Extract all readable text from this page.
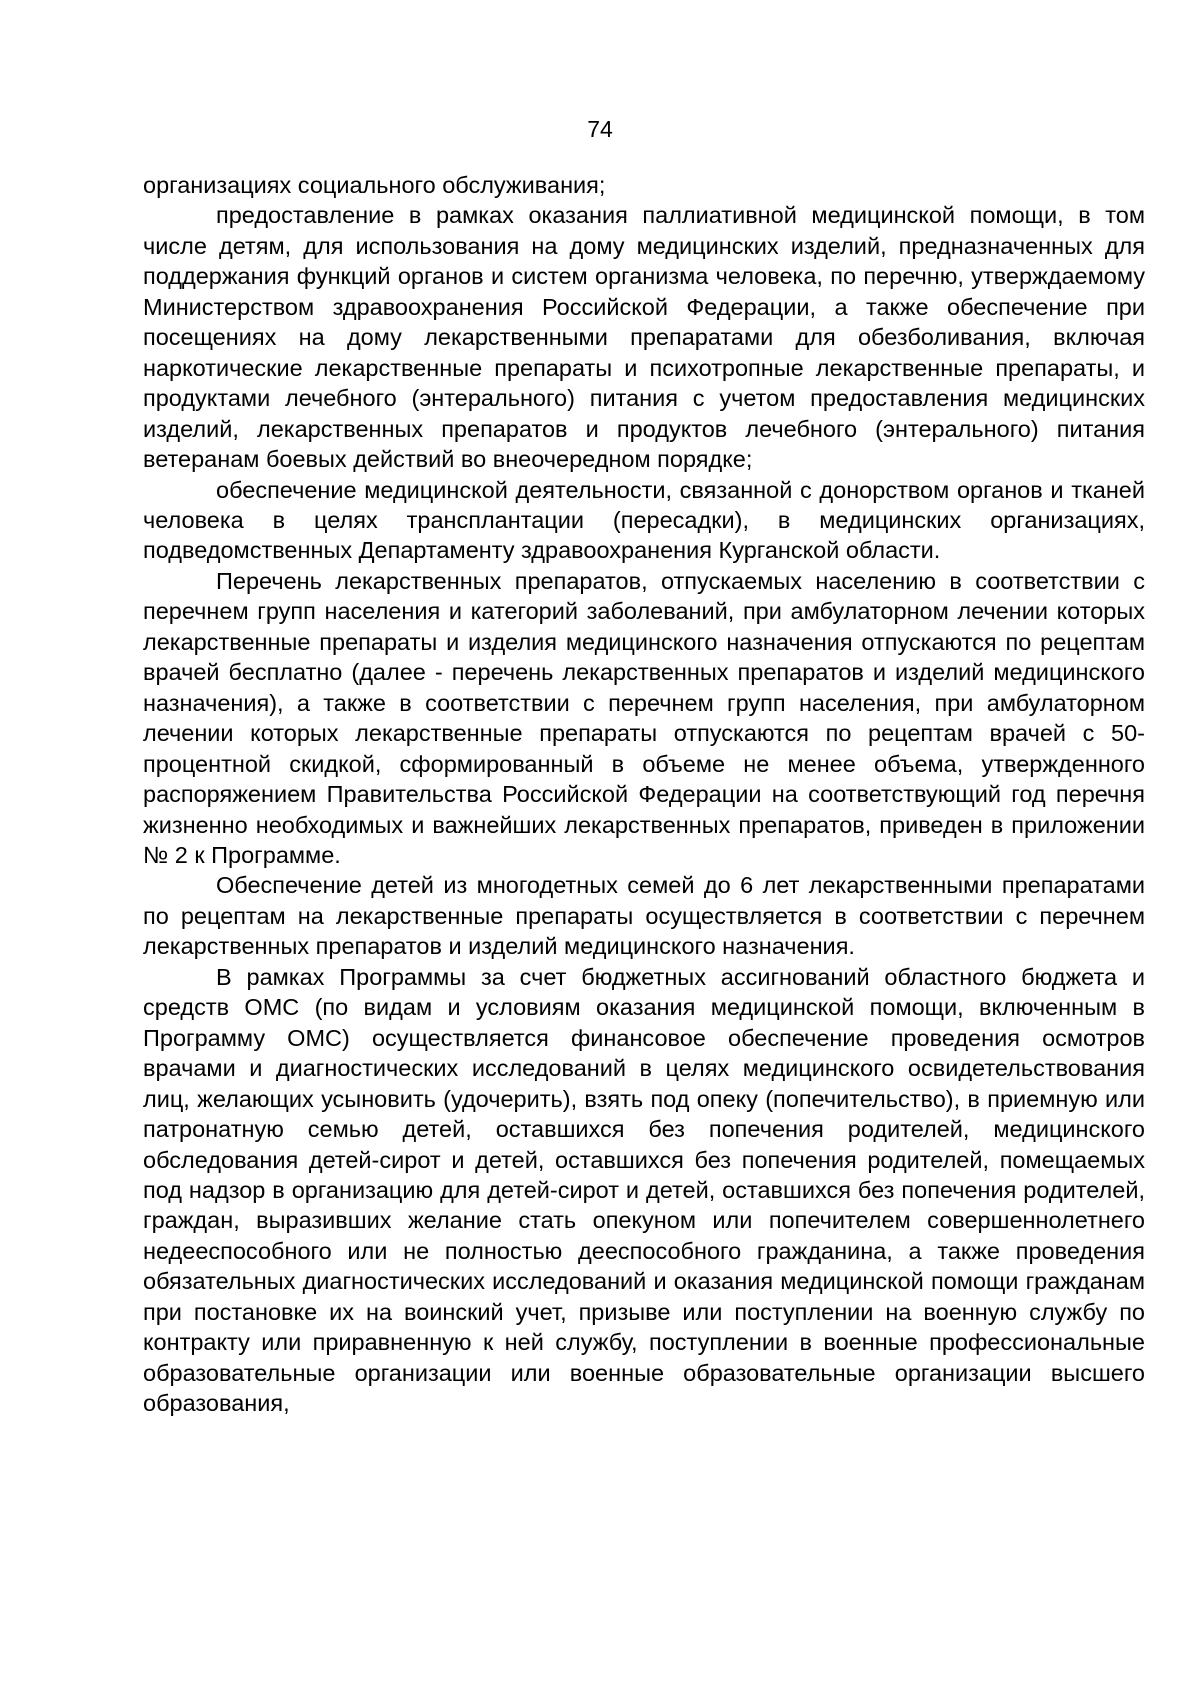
74

организациях социального обслуживания;

предоставление в рамках оказания паллиативной медицинской помощи, в том числе детям, для использования на дому медицинских изделий, предназначенных для поддержания функций органов и систем организма человека, по перечню, утверждаемому Министерством здравоохранения Российской Федерации, а также обеспечение при посещениях на дому лекарственными препаратами для обезболивания, включая наркотические лекарственные препараты и психотропные лекарственные препараты, и продуктами лечебного (энтерального) питания с учетом предоставления медицинских изделий, лекарственных препаратов и продуктов лечебного (энтерального) питания ветеранам боевых действий во внеочередном порядке;

обеспечение медицинской деятельности, связанной с донорством органов и тканей человека в целях трансплантации (пересадки), в медицинских организациях, подведомственных Департаменту здравоохранения Курганской области.

Перечень лекарственных препаратов, отпускаемых населению в соответствии с перечнем групп населения и категорий заболеваний, при амбулаторном лечении которых лекарственные препараты и изделия медицинского назначения отпускаются по рецептам врачей бесплатно (далее - перечень лекарственных препаратов и изделий медицинского назначения), а также в соответствии с перечнем групп населения, при амбулаторном лечении которых лекарственные препараты отпускаются по рецептам врачей с 50-процентной скидкой, сформированный в объеме не менее объема, утвержденного распоряжением Правительства Российской Федерации на соответствующий год перечня жизненно необходимых и важнейших лекарственных препаратов, приведен в приложении № 2 к Программе.

Обеспечение детей из многодетных семей до 6 лет лекарственными препаратами по рецептам на лекарственные препараты осуществляется в соответствии с перечнем лекарственных препаратов и изделий медицинского назначения.

В рамках Программы за счет бюджетных ассигнований областного бюджета и средств ОМС (по видам и условиям оказания медицинской помощи, включенным в Программу ОМС) осуществляется финансовое обеспечение проведения осмотров врачами и диагностических исследований в целях медицинского освидетельствования лиц, желающих усыновить (удочерить), взять под опеку (попечительство), в приемную или патронатную семью детей, оставшихся без попечения родителей, медицинского обследования детей-сирот и детей, оставшихся без попечения родителей, помещаемых под надзор в организацию для детей-сирот и детей, оставшихся без попечения родителей, граждан, выразивших желание стать опекуном или попечителем совершеннолетнего недееспособного или не полностью дееспособного гражданина, а также проведения обязательных диагностических исследований и оказания медицинской помощи гражданам при постановке их на воинский учет, призыве или поступлении на военную службу по контракту или приравненную к ней службу, поступлении в военные профессиональные образовательные организации или военные образовательные организации высшего образования,
